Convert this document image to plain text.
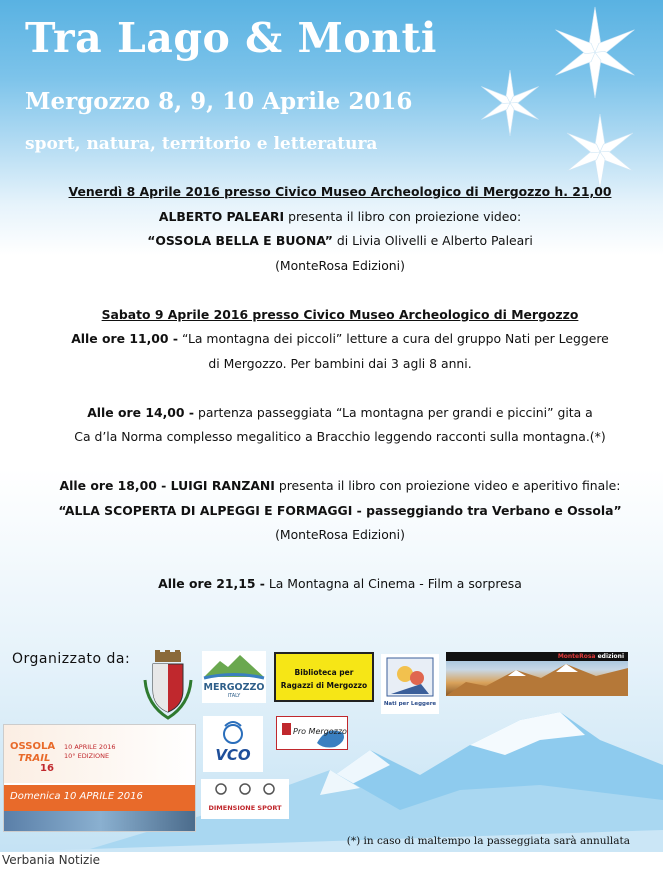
Tra Lago & Monti
Mergozzo 8, 9, 10 Aprile 2016
sport, natura, territorio e letteratura

Venerdì 8 Aprile 2016 presso Civico Museo Archeologico di Mergozzo h. 21,00

ALBERTO PALEARI presenta il libro con proiezione video:

“OSSOLA BELLA E BUONA” di Livia Olivelli e Alberto Paleari

(MonteRosa Edizioni)

Sabato 9 Aprile 2016 presso Civico Museo Archeologico di Mergozzo

Alle ore 11,00 - “La montagna dei piccoli” letture a cura del gruppo Nati per Leggere

di Mergozzo. Per bambini dai 3 agli 8 anni.

Alle ore 14,00 - partenza passeggiata “La montagna per grandi e piccini” gita a

Ca d’la Norma complesso megalitico a Bracchio leggendo racconti sulla montagna.(*)

Alle ore 18,00 - LUIGI RANZANI presenta il libro con proiezione video e aperitivo finale:

“ALLA SCOPERTA DI ALPEGGI E FORMAGGI - passeggiando tra Verbano e Ossola”

(MonteRosa Edizioni)

Alle ore 21,15 - La Montagna al Cinema - Film a sorpresa

Organizzato da:
MERGOZZO
ITALY
Biblioteca per
Ragazzi di Mergozzo
Nati per Leggere
MonteRosa edizioni
VCO
Pro Mergozzo
OSSOLA
TRAIL
16
10 APRILE 2016
10° EDIZIONE
Domenica 10 APRILE 2016
DIMENSIONE SPORT
(*) in caso di maltempo la passeggiata sarà annullata
Verbania Notizie
